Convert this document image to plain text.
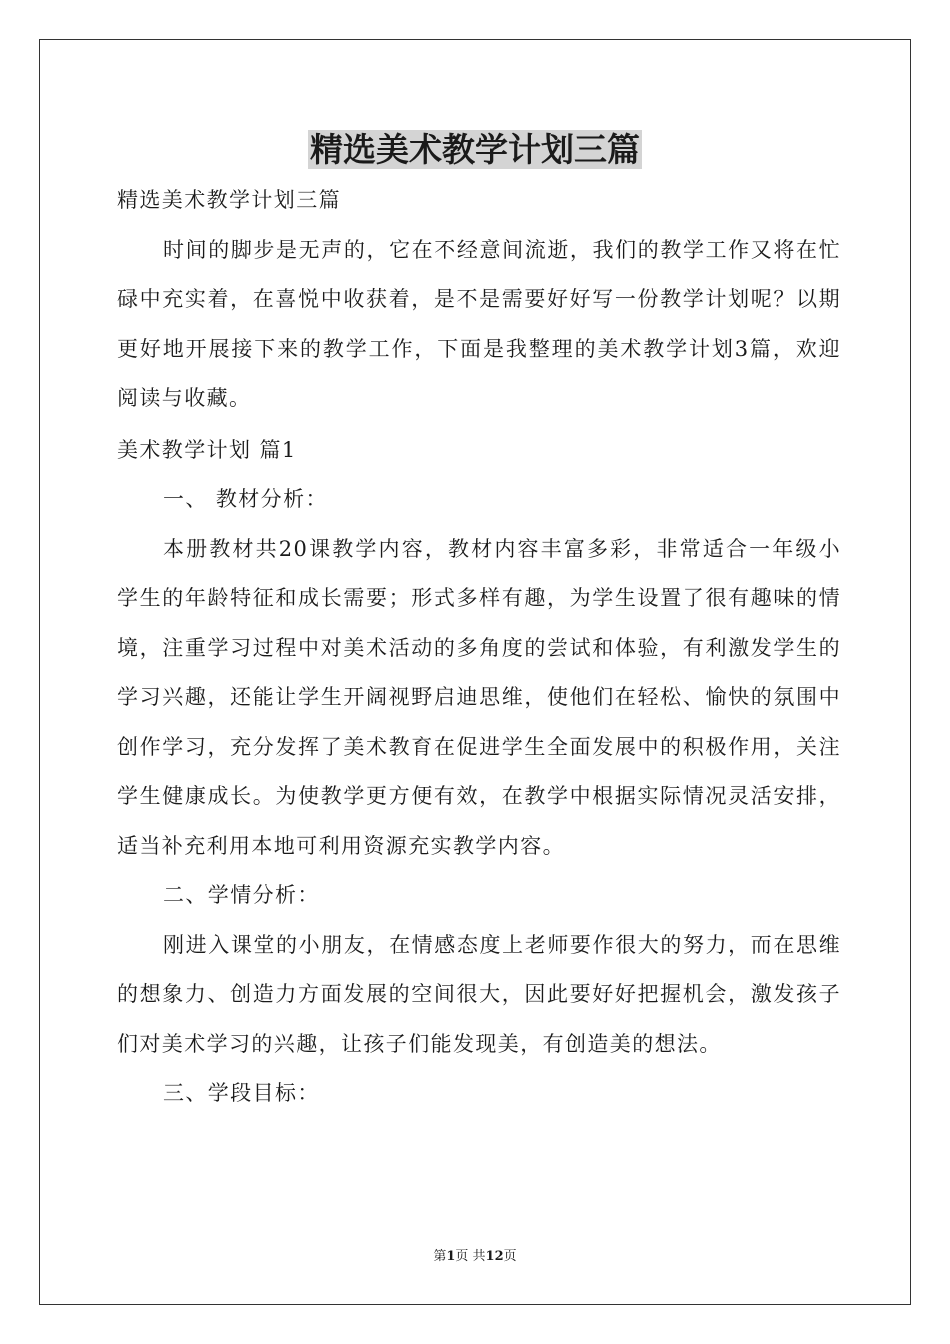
精选美术教学计划三篇

精选美术教学计划三篇

时间的脚步是无声的，它在不经意间流逝，我们的教学工作又将在忙碌中充实着，在喜悦中收获着，是不是需要好好写一份教学计划呢？以期更好地开展接下来的教学工作，下面是我整理的美术教学计划3篇，欢迎阅读与收藏。

美术教学计划 篇1

一、 教材分析：

本册教材共20课教学内容，教材内容丰富多彩，非常适合一年级小学生的年龄特征和成长需要；形式多样有趣，为学生设置了很有趣味的情境，注重学习过程中对美术活动的多角度的尝试和体验，有利激发学生的学习兴趣，还能让学生开阔视野启迪思维，使他们在轻松、愉快的氛围中创作学习，充分发挥了美术教育在促进学生全面发展中的积极作用，关注学生健康成长。为使教学更方便有效，在教学中根据实际情况灵活安排，适当补充利用本地可利用资源充实教学内容。

二、学情分析：

刚进入课堂的小朋友，在情感态度上老师要作很大的努力，而在思维的想象力、创造力方面发展的空间很大，因此要好好把握机会，激发孩子们对美术学习的兴趣，让孩子们能发现美，有创造美的想法。

三、学段目标：

第1页 共12页
